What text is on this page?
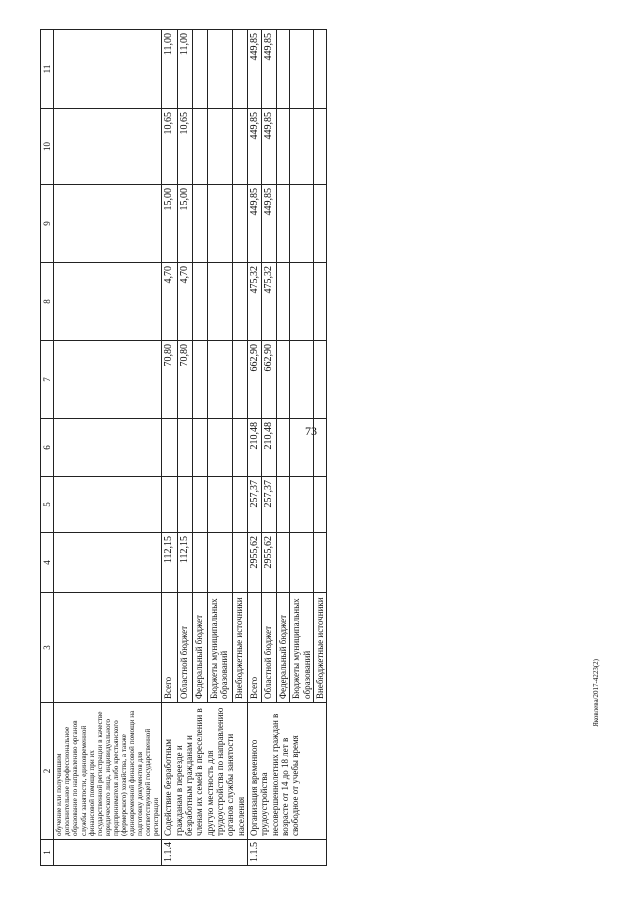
73
1	2	3	4	5	6	7	8	9	10	11
	обучение или получившим дополнительное профессиональное образование по направлению органов службы занятости, единовременной финансовой помощи при их государственной регистрации в качестве юридического лица, индивидуального предпринимателя либо крестьянского (фермерского) хозяйства, а также единовременной финансовой помощи на подготовку документов для соответствующей государственной регистрации									
1.1.4	Содействие безработным гражданам в переезде и безработным гражданам и членам их семей в переселении в другую местность для трудоустройства по направлению органов службы занятости населения	Всего	112,15			70,80	4,70	15,00	10,65	11,00
		Областной бюджет	112,15			70,80	4,70	15,00	10,65	11,00
		Федеральный бюджет								
		Бюджеты муниципальных образований								
		Внебюджетные источники								
1.1.5	Организация временного трудоустройства несовершеннолетних граждан в возрасте от 14 до 18 лет в свободное от учебы время	Всего	2955,62	257,37	210,48	662,90	475,32	449,85	449,85	449,85
		Областной бюджет	2955,62	257,37	210,48	662,90	475,32	449,85	449,85	449,85
		Федеральный бюджет								
		Бюджеты муниципальных образований								
		Внебюджетные источники									Яковлева/2017-4223(2)
